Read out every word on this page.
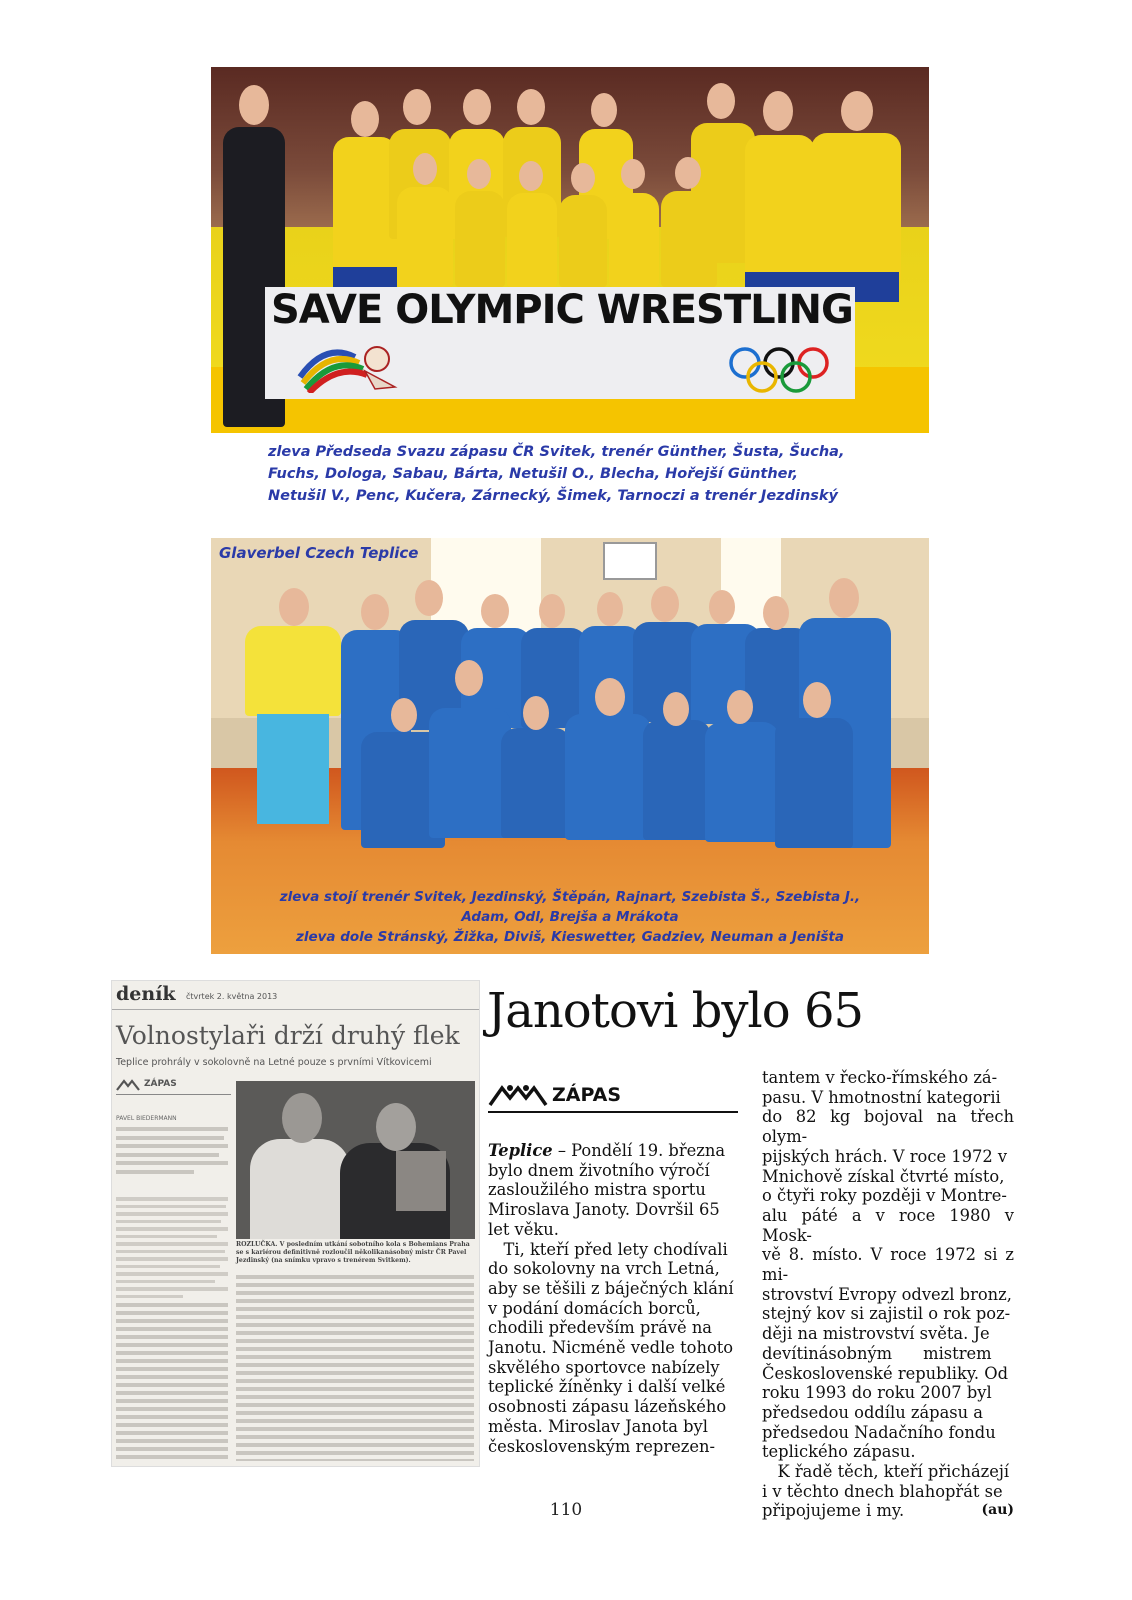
SAVE OLYMPIC WRESTLING
zleva Předseda Svazu zápasu ČR Svitek, trenér Günther, Šusta, Šucha,
Fuchs, Dologa, Sabau, Bárta, Netušil O., Blecha, Hořejší Günther,
Netušil V., Penc, Kučera, Zárnecký, Šimek, Tarnoczi a trenér Jezdinský
Glaverbel Czech Teplice
zleva stojí trenér Svitek, Jezdinský, Štěpán, Rajnart, Szebista Š., Szebista J.,
Adam, Odl, Brejša a Mrákota
zleva dole Stránský, Žižka, Diviš, Kieswetter, Gadziev, Neuman a Jeništa
deník čtvrtek 2. května 2013
Volnostylaři drží druhý flek
Teplice prohrály v sokolovně na Letné pouze s prvními Vítkovicemi
ZÁPAS
PAVEL BIEDERMANN
ROZLUČKA. V posledním utkání sobotního kola s Bohemians Praha se s kariérou definitivně rozloučil několikanásobný mistr ČR Pavel Jezdinský (na snímku vpravo s trenérem Svitkem).
Janotovi bylo 65
ZÁPAS
Teplice – Pondělí 19. března
bylo dnem životního výročí
zasloužilého mistra sportu
Miroslava Janoty. Dovršil 65
let věku.
Ti, kteří před lety chodívali
do sokolovny na vrch Letná,
aby se těšili z báječných klání
v podání domácích borců,
chodili především právě na
Janotu. Nicméně vedle tohoto
skvělého sportovce nabízely
teplické žíněnky i další velké
osobnosti zápasu lázeňského
města. Miroslav Janota byl
československým reprezen-
tantem v řecko-římského zá-
pasu. V hmotnostní kategorii
do 82 kg bojoval na třech olym-
pijských hrách. V roce 1972 v
Mnichově získal čtvrté místo,
o čtyři roky později v Montre-
alu páté a v roce 1980 v Mosk-
vě 8. místo. V roce 1972 si z mi-
strovství Evropy odvezl bronz,
stejný kov si zajistil o rok poz-
ději na mistrovství světa. Je
devítinásobným      mistrem
Československé republiky. Od
roku 1993 do roku 2007 byl
předsedou oddílu zápasu a
předsedou Nadačního fondu
teplického zápasu.
K řadě těch, kteří přicházejí
i v těchto dnech blahopřát se
připojujeme i my.	(au)
110
